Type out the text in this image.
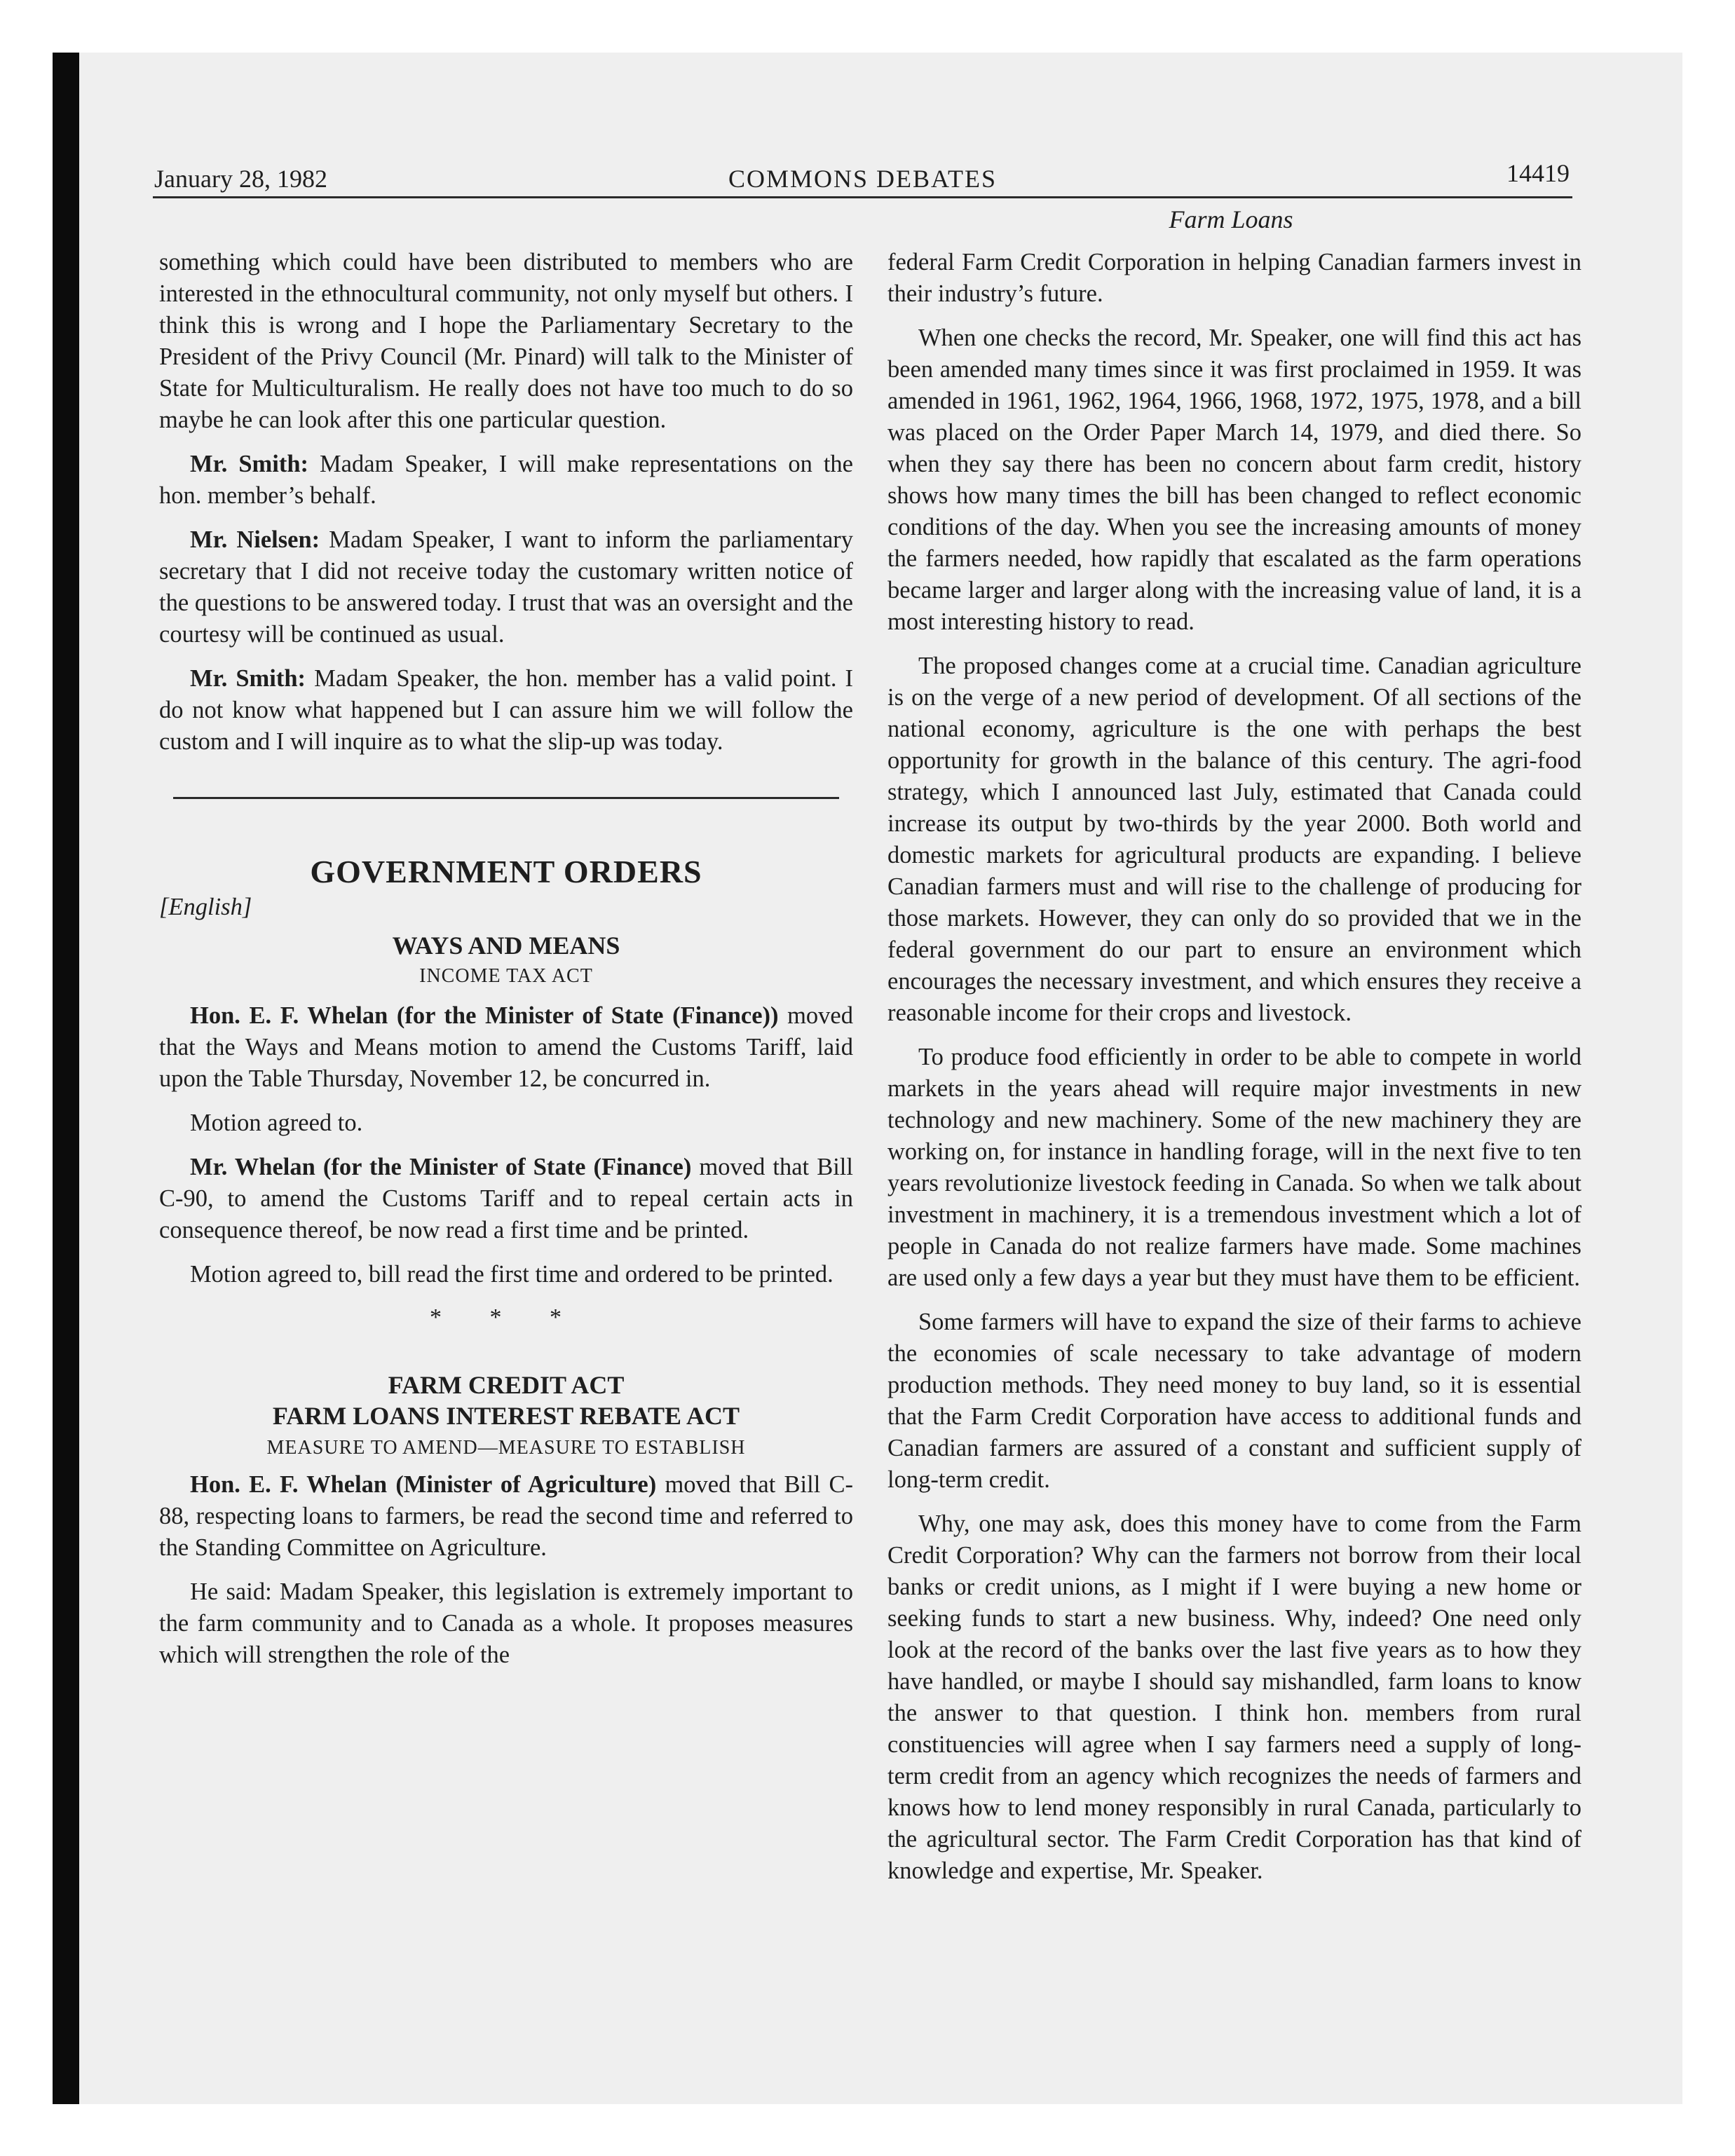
January 28, 1982	COMMONS DEBATES	14419
Farm Loans

something which could have been distributed to members who are interested in the ethnocultural community, not only myself but others. I think this is wrong and I hope the Parliamentary Secretary to the President of the Privy Council (Mr. Pinard) will talk to the Minister of State for Multiculturalism. He really does not have too much to do so maybe he can look after this one particular question.

Mr. Smith: Madam Speaker, I will make representations on the hon. member’s behalf.

Mr. Nielsen: Madam Speaker, I want to inform the parliamentary secretary that I did not receive today the customary written notice of the questions to be answered today. I trust that was an oversight and the courtesy will be continued as usual.

Mr. Smith: Madam Speaker, the hon. member has a valid point. I do not know what happened but I can assure him we will follow the custom and I will inquire as to what the slip-up was today.

GOVERNMENT ORDERS

[English]

WAYS AND MEANS
INCOME TAX ACT

Hon. E. F. Whelan (for the Minister of State (Finance)) moved that the Ways and Means motion to amend the Customs Tariff, laid upon the Table Thursday, November 12, be concurred in.

Motion agreed to.

Mr. Whelan (for the Minister of State (Finance) moved that Bill C-90, to amend the Customs Tariff and to repeal certain acts in consequence thereof, be now read a first time and be printed.

Motion agreed to, bill read the first time and ordered to be printed.

* * *
FARM CREDIT ACT
FARM LOANS INTEREST REBATE ACT
MEASURE TO AMEND—MEASURE TO ESTABLISH

Hon. E. F. Whelan (Minister of Agriculture) moved that Bill C-88, respecting loans to farmers, be read the second time and referred to the Standing Committee on Agriculture.

He said: Madam Speaker, this legislation is extremely important to the farm community and to Canada as a whole. It proposes measures which will strengthen the role of the

federal Farm Credit Corporation in helping Canadian farmers invest in their industry’s future.

When one checks the record, Mr. Speaker, one will find this act has been amended many times since it was first proclaimed in 1959. It was amended in 1961, 1962, 1964, 1966, 1968, 1972, 1975, 1978, and a bill was placed on the Order Paper March 14, 1979, and died there. So when they say there has been no concern about farm credit, history shows how many times the bill has been changed to reflect economic conditions of the day. When you see the increasing amounts of money the farmers needed, how rapidly that escalated as the farm operations became larger and larger along with the increasing value of land, it is a most interesting history to read.

The proposed changes come at a crucial time. Canadian agriculture is on the verge of a new period of development. Of all sections of the national economy, agriculture is the one with perhaps the best opportunity for growth in the balance of this century. The agri-food strategy, which I announced last July, estimated that Canada could increase its output by two-thirds by the year 2000. Both world and domestic markets for agricultural products are expanding. I believe Canadian farmers must and will rise to the challenge of producing for those markets. However, they can only do so provided that we in the federal government do our part to ensure an environment which encourages the necessary investment, and which ensures they receive a reasonable income for their crops and livestock.

To produce food efficiently in order to be able to compete in world markets in the years ahead will require major investments in new technology and new machinery. Some of the new machinery they are working on, for instance in handling forage, will in the next five to ten years revolutionize livestock feeding in Canada. So when we talk about investment in machinery, it is a tremendous investment which a lot of people in Canada do not realize farmers have made. Some machines are used only a few days a year but they must have them to be efficient.

Some farmers will have to expand the size of their farms to achieve the economies of scale necessary to take advantage of modern production methods. They need money to buy land, so it is essential that the Farm Credit Corporation have access to additional funds and Canadian farmers are assured of a constant and sufficient supply of long-term credit.

Why, one may ask, does this money have to come from the Farm Credit Corporation? Why can the farmers not borrow from their local banks or credit unions, as I might if I were buying a new home or seeking funds to start a new business. Why, indeed? One need only look at the record of the banks over the last five years as to how they have handled, or maybe I should say mishandled, farm loans to know the answer to that question. I think hon. members from rural constituencies will agree when I say farmers need a supply of long-term credit from an agency which recognizes the needs of farmers and knows how to lend money responsibly in rural Canada, particularly to the agricultural sector. The Farm Credit Corporation has that kind of knowledge and expertise, Mr. Speaker.
